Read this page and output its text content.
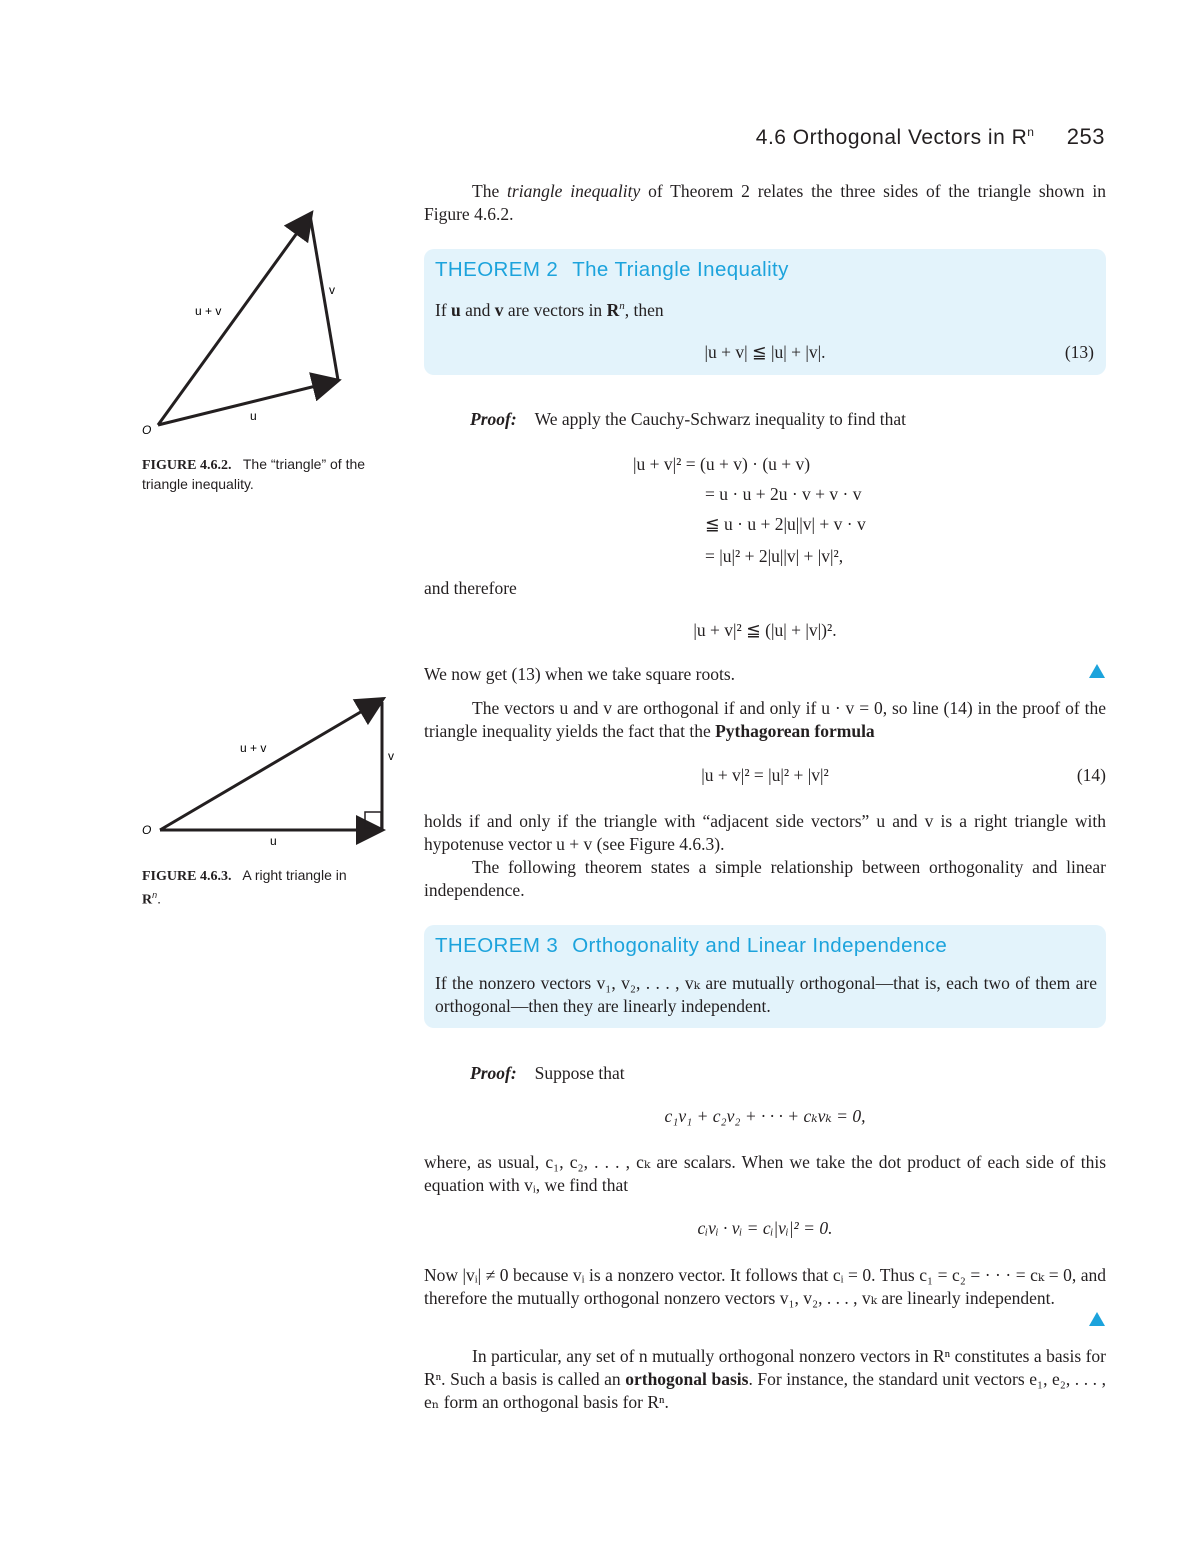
4.6 Orthogonal Vectors in $R^n$ 253
u + v
v
u
O
FIGURE 4.6.2. The “triangle” of the triangle inequality.
u + v
v
u
O
FIGURE 4.6.3. A right triangle in
$R^n$.
The triangle inequality of Theorem 2 relates the three sides of the triangle shown in Figure 4.6.2.
THEOREM 2 The Triangle Inequality
If u and v are vectors in $R^n$, then
|u + v| ≦ |u| + |v|.	(13)
Proof: We apply the Cauchy-Schwarz inequality to find that
|u + v|² = (u + v) · (u + v)
= u · u + 2u · v + v · v
≦ u · u + 2|u||v| + v · v
= |u|² + 2|u||v| + |v|²,
and therefore
|u + v|² ≦ (|u| + |v|)².
We now get (13) when we take square roots.
The vectors u and v are orthogonal if and only if u · v = 0, so line (14) in the proof of the triangle inequality yields the fact that the Pythagorean formula
|u + v|² = |u|² + |v|²	(14)
holds if and only if the triangle with “adjacent side vectors” u and v is a right triangle with hypotenuse vector u + v (see Figure 4.6.3).
The following theorem states a simple relationship between orthogonality and linear independence.
THEOREM 3 Orthogonality and Linear Independence
If the nonzero vectors v₁, v₂, . . . , vₖ are mutually orthogonal—that is, each two of them are orthogonal—then they are linearly independent.
Proof: Suppose that
c₁v₁ + c₂v₂ + · · · + cₖvₖ = 0,
where, as usual, c₁, c₂, . . . , cₖ are scalars. When we take the dot product of each side of this equation with vᵢ, we find that
cᵢvᵢ · vᵢ = cᵢ|vᵢ|² = 0.
Now |vᵢ| ≠ 0 because vᵢ is a nonzero vector. It follows that cᵢ = 0. Thus c₁ = c₂ = · · · = cₖ = 0, and therefore the mutually orthogonal nonzero vectors v₁, v₂, . . . , vₖ are linearly independent.
In particular, any set of n mutually orthogonal nonzero vectors in Rⁿ constitutes a basis for Rⁿ. Such a basis is called an orthogonal basis. For instance, the standard unit vectors e₁, e₂, . . . , eₙ form an orthogonal basis for Rⁿ.
